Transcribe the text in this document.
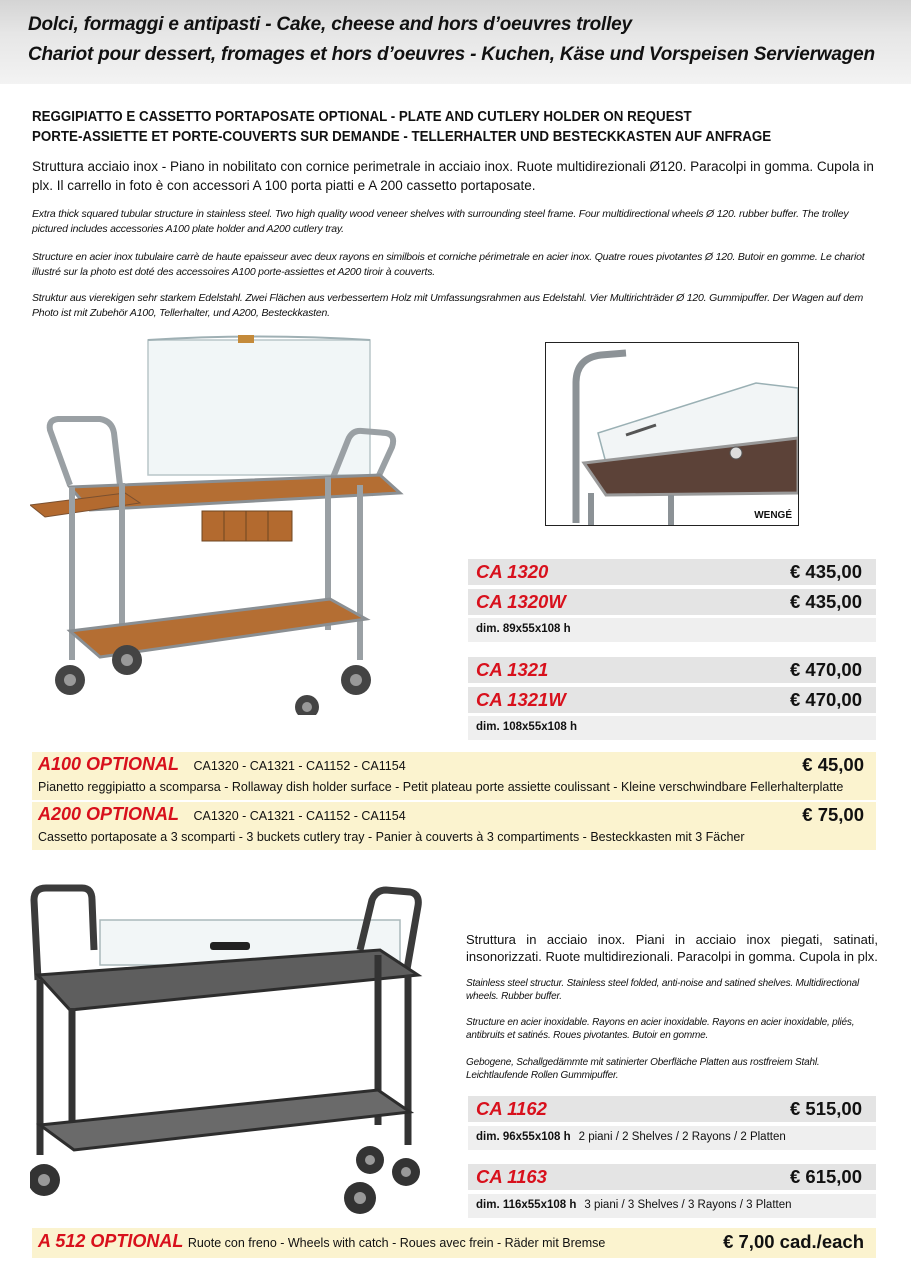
Dolci, formaggi e antipasti - Cake, cheese and hors d’oeuvres trolley
Chariot pour dessert, fromages et hors d’oeuvres - Kuchen, Käse und Vorspeisen Servierwagen
REGGIPIATTO E CASSETTO PORTAPOSATE OPTIONAL - PLATE AND CUTLERY HOLDER ON REQUEST
PORTE-ASSIETTE ET PORTE-COUVERTS SUR DEMANDE - TELLERHALTER UND BESTECKKASTEN AUF ANFRAGE
Struttura acciaio inox - Piano in nobilitato con cornice perimetrale in acciaio inox. Ruote multidirezionali Ø120. Paracolpi in gomma. Cupola in plx. Il carrello in foto è con accessori A 100 porta piatti e A 200 cassetto portaposate.
Extra thick squared tubular structure in stainless steel. Two high quality wood veneer shelves with surrounding steel frame. Four multidirectional wheels Ø 120. rubber buffer. The trolley pictured includes accessories A100 plate holder and A200 cutlery tray.
Structure en acier inox tubulaire carrè de haute epaisseur avec deux rayons en similbois et corniche périmetrale en acier inox. Quatre roues pivotantes Ø 120. Butoir en gomme. Le chariot illustré sur la photo est doté des accessoires A100 porte-assiettes et A200 tiroir à couverts.
Struktur aus vierekigen sehr starkem Edelstahl. Zwei Flächen aus verbessertem Holz mit Umfassungsrahmen aus Edelstahl. Vier Multirichträder Ø 120. Gummipuffer. Der Wagen auf dem Photo ist mit Zubehör A100, Tellerhalter, und A200, Besteckkasten.
WENGÉ
CA 1320	€ 435,00
CA 1320W	€ 435,00
dim. 89x55x108 h
CA 1321	€ 470,00
CA 1321W	€ 470,00
dim. 108x55x108 h
A100 OPTIONAL CA1320 - CA1321 - CA1152 - CA1154	€ 45,00
Pianetto reggipiatto a scomparsa - Rollaway dish holder surface - Petit plateau porte assiette coulissant - Kleine verschwindbare Fellerhalterplatte
A200 OPTIONAL CA1320 - CA1321 - CA1152 - CA1154	€ 75,00
Cassetto portaposate a 3 scomparti - 3 buckets cutlery tray - Panier à couverts à 3 compartiments - Besteckkasten mit 3 Fächer
Struttura in acciaio inox. Piani in acciaio inox piegati, satinati, insonorizzati. Ruote multidirezionali. Paracolpi in gomma. Cupola in plx.
Stainless steel structur. Stainless steel folded, anti-noise and satined shelves. Multidirectional wheels. Rubber buffer.
Structure en acier inoxidable. Rayons en acier inoxidable. Rayons en acier inoxidable, pliés, antibruits et satinés. Roues pivotantes. Butoir en gomme.
Gebogene, Schallgedämmte mit satinierter Oberfläche Platten aus rostfreiem Stahl. Leichtlaufende Rollen Gummipuffer.
CA 1162	€ 515,00
dim. 96x55x108 h 2 piani / 2 Shelves / 2 Rayons / 2 Platten
CA 1163	€ 615,00
dim. 116x55x108 h 3 piani / 3 Shelves / 3 Rayons / 3 Platten
A 512 OPTIONAL Ruote con freno - Wheels with catch - Roues avec frein - Räder mit Bremse	€ 7,00 cad./each
